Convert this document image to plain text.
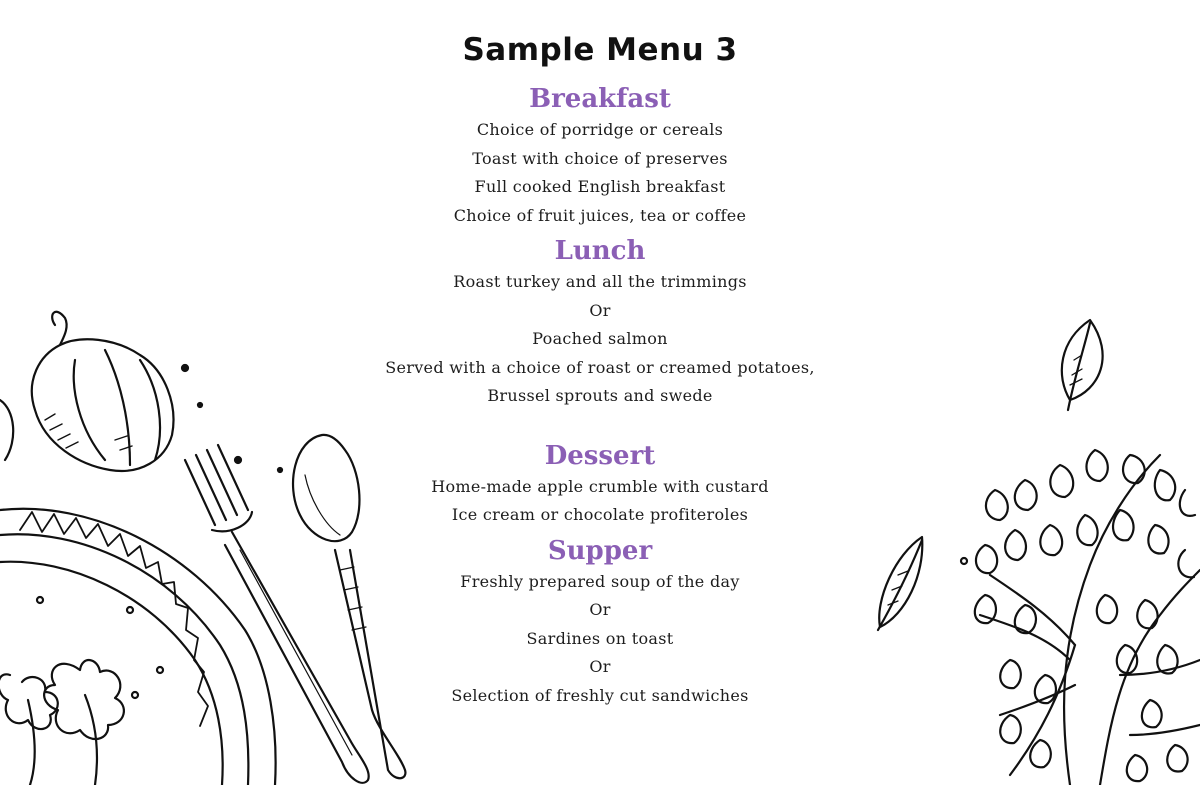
Sample Menu 3
Breakfast
Choice of porridge or cereals
Toast with choice of preserves
Full cooked English breakfast
Choice of fruit juices, tea or coffee
Lunch
Roast turkey and all the trimmings
Or
Poached salmon
Served with a choice of roast or creamed potatoes,
Brussel sprouts and swede
Dessert
Home-made apple crumble with custard
Ice cream or chocolate profiteroles
Supper
Freshly prepared soup of the day
Or
Sardines on toast
Or
Selection of freshly cut sandwiches
